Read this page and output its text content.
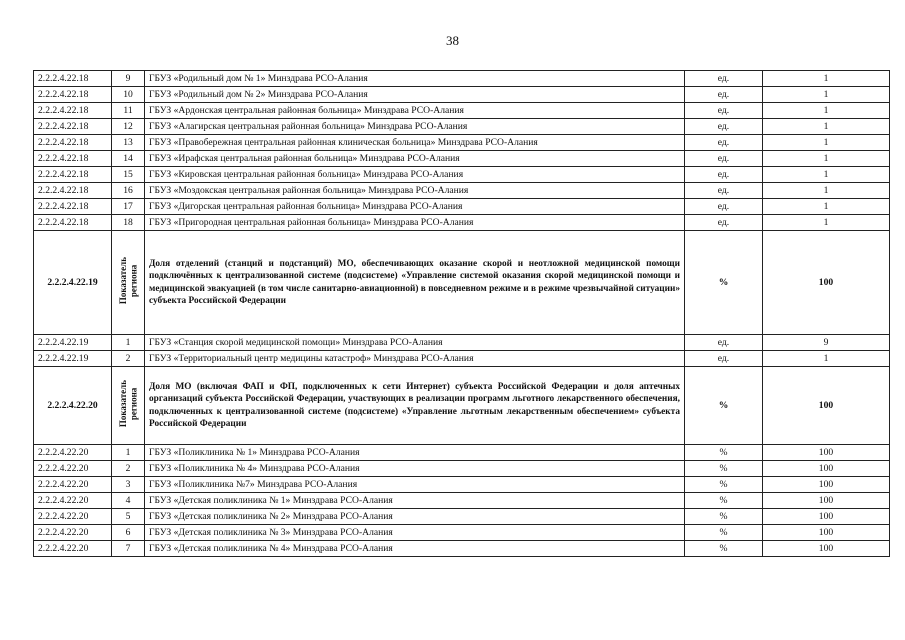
38
2.2.2.4.22.18	9	ГБУЗ «Родильный дом № 1» Минздрава РСО-Алания	ед.	1
2.2.2.4.22.18	10	ГБУЗ «Родильный дом № 2» Минздрава РСО-Алания	ед.	1
2.2.2.4.22.18	11	ГБУЗ «Ардонская центральная районная больница» Минздрава РСО-Алания	ед.	1
2.2.2.4.22.18	12	ГБУЗ «Алагирская центральная районная больница» Минздрава РСО-Алания	ед.	1
2.2.2.4.22.18	13	ГБУЗ «Правобережная центральная районная клиническая больница» Минздрава РСО-Алания	ед.	1
2.2.2.4.22.18	14	ГБУЗ «Ирафская центральная районная больница» Минздрава РСО-Алания	ед.	1
2.2.2.4.22.18	15	ГБУЗ «Кировская центральная районная больница» Минздрава РСО-Алания	ед.	1
2.2.2.4.22.18	16	ГБУЗ «Моздокская центральная районная больница» Минздрава РСО-Алания	ед.	1
2.2.2.4.22.18	17	ГБУЗ «Дигорская центральная районная больница» Минздрава РСО-Алания	ед.	1
2.2.2.4.22.18	18	ГБУЗ «Пригородная центральная районная больница» Минздрава РСО-Алания	ед.	1
2.2.2.4.22.19	Показатель региона	Доля отделений (станций и подстанций) МО, обеспечивающих оказание скорой и неотложной медицинской помощи подключённых к централизованной системе (подсистеме) «Управление системой оказания скорой медицинской помощи и медицинской эвакуацией (в том числе санитарно-авиационной) в повседневном режиме и в режиме чрезвычайной ситуации» субъекта Российской Федерации	%	100
2.2.2.4.22.19	1	ГБУЗ «Станция скорой медицинской помощи» Минздрава РСО-Алания	ед.	9
2.2.2.4.22.19	2	ГБУЗ «Территориальный центр медицины катастроф» Минздрава РСО-Алания	ед.	1
2.2.2.4.22.20	Показатель региона	Доля МО (включая ФАП и ФП, подключенных к сети Интернет) субъекта Российской Федерации и доля аптечных организаций субъекта Российской Федерации, участвующих в реализации программ льготного лекарственного обеспечения, подключенных к централизованной системе (подсистеме) «Управление льготным лекарственным обеспечением» субъекта Российской Федерации	%	100
2.2.2.4.22.20	1	ГБУЗ «Поликлиника № 1» Минздрава РСО-Алания	%	100
2.2.2.4.22.20	2	ГБУЗ «Поликлиника № 4» Минздрава РСО-Алания	%	100
2.2.2.4.22.20	3	ГБУЗ «Поликлиника №7» Минздрава РСО-Алания	%	100
2.2.2.4.22.20	4	ГБУЗ «Детская поликлиника № 1» Минздрава РСО-Алания	%	100
2.2.2.4.22.20	5	ГБУЗ «Детская поликлиника № 2» Минздрава РСО-Алания	%	100
2.2.2.4.22.20	6	ГБУЗ «Детская поликлиника № 3» Минздрава РСО-Алания	%	100
2.2.2.4.22.20	7	ГБУЗ «Детская поликлиника № 4» Минздрава РСО-Алания	%	100
